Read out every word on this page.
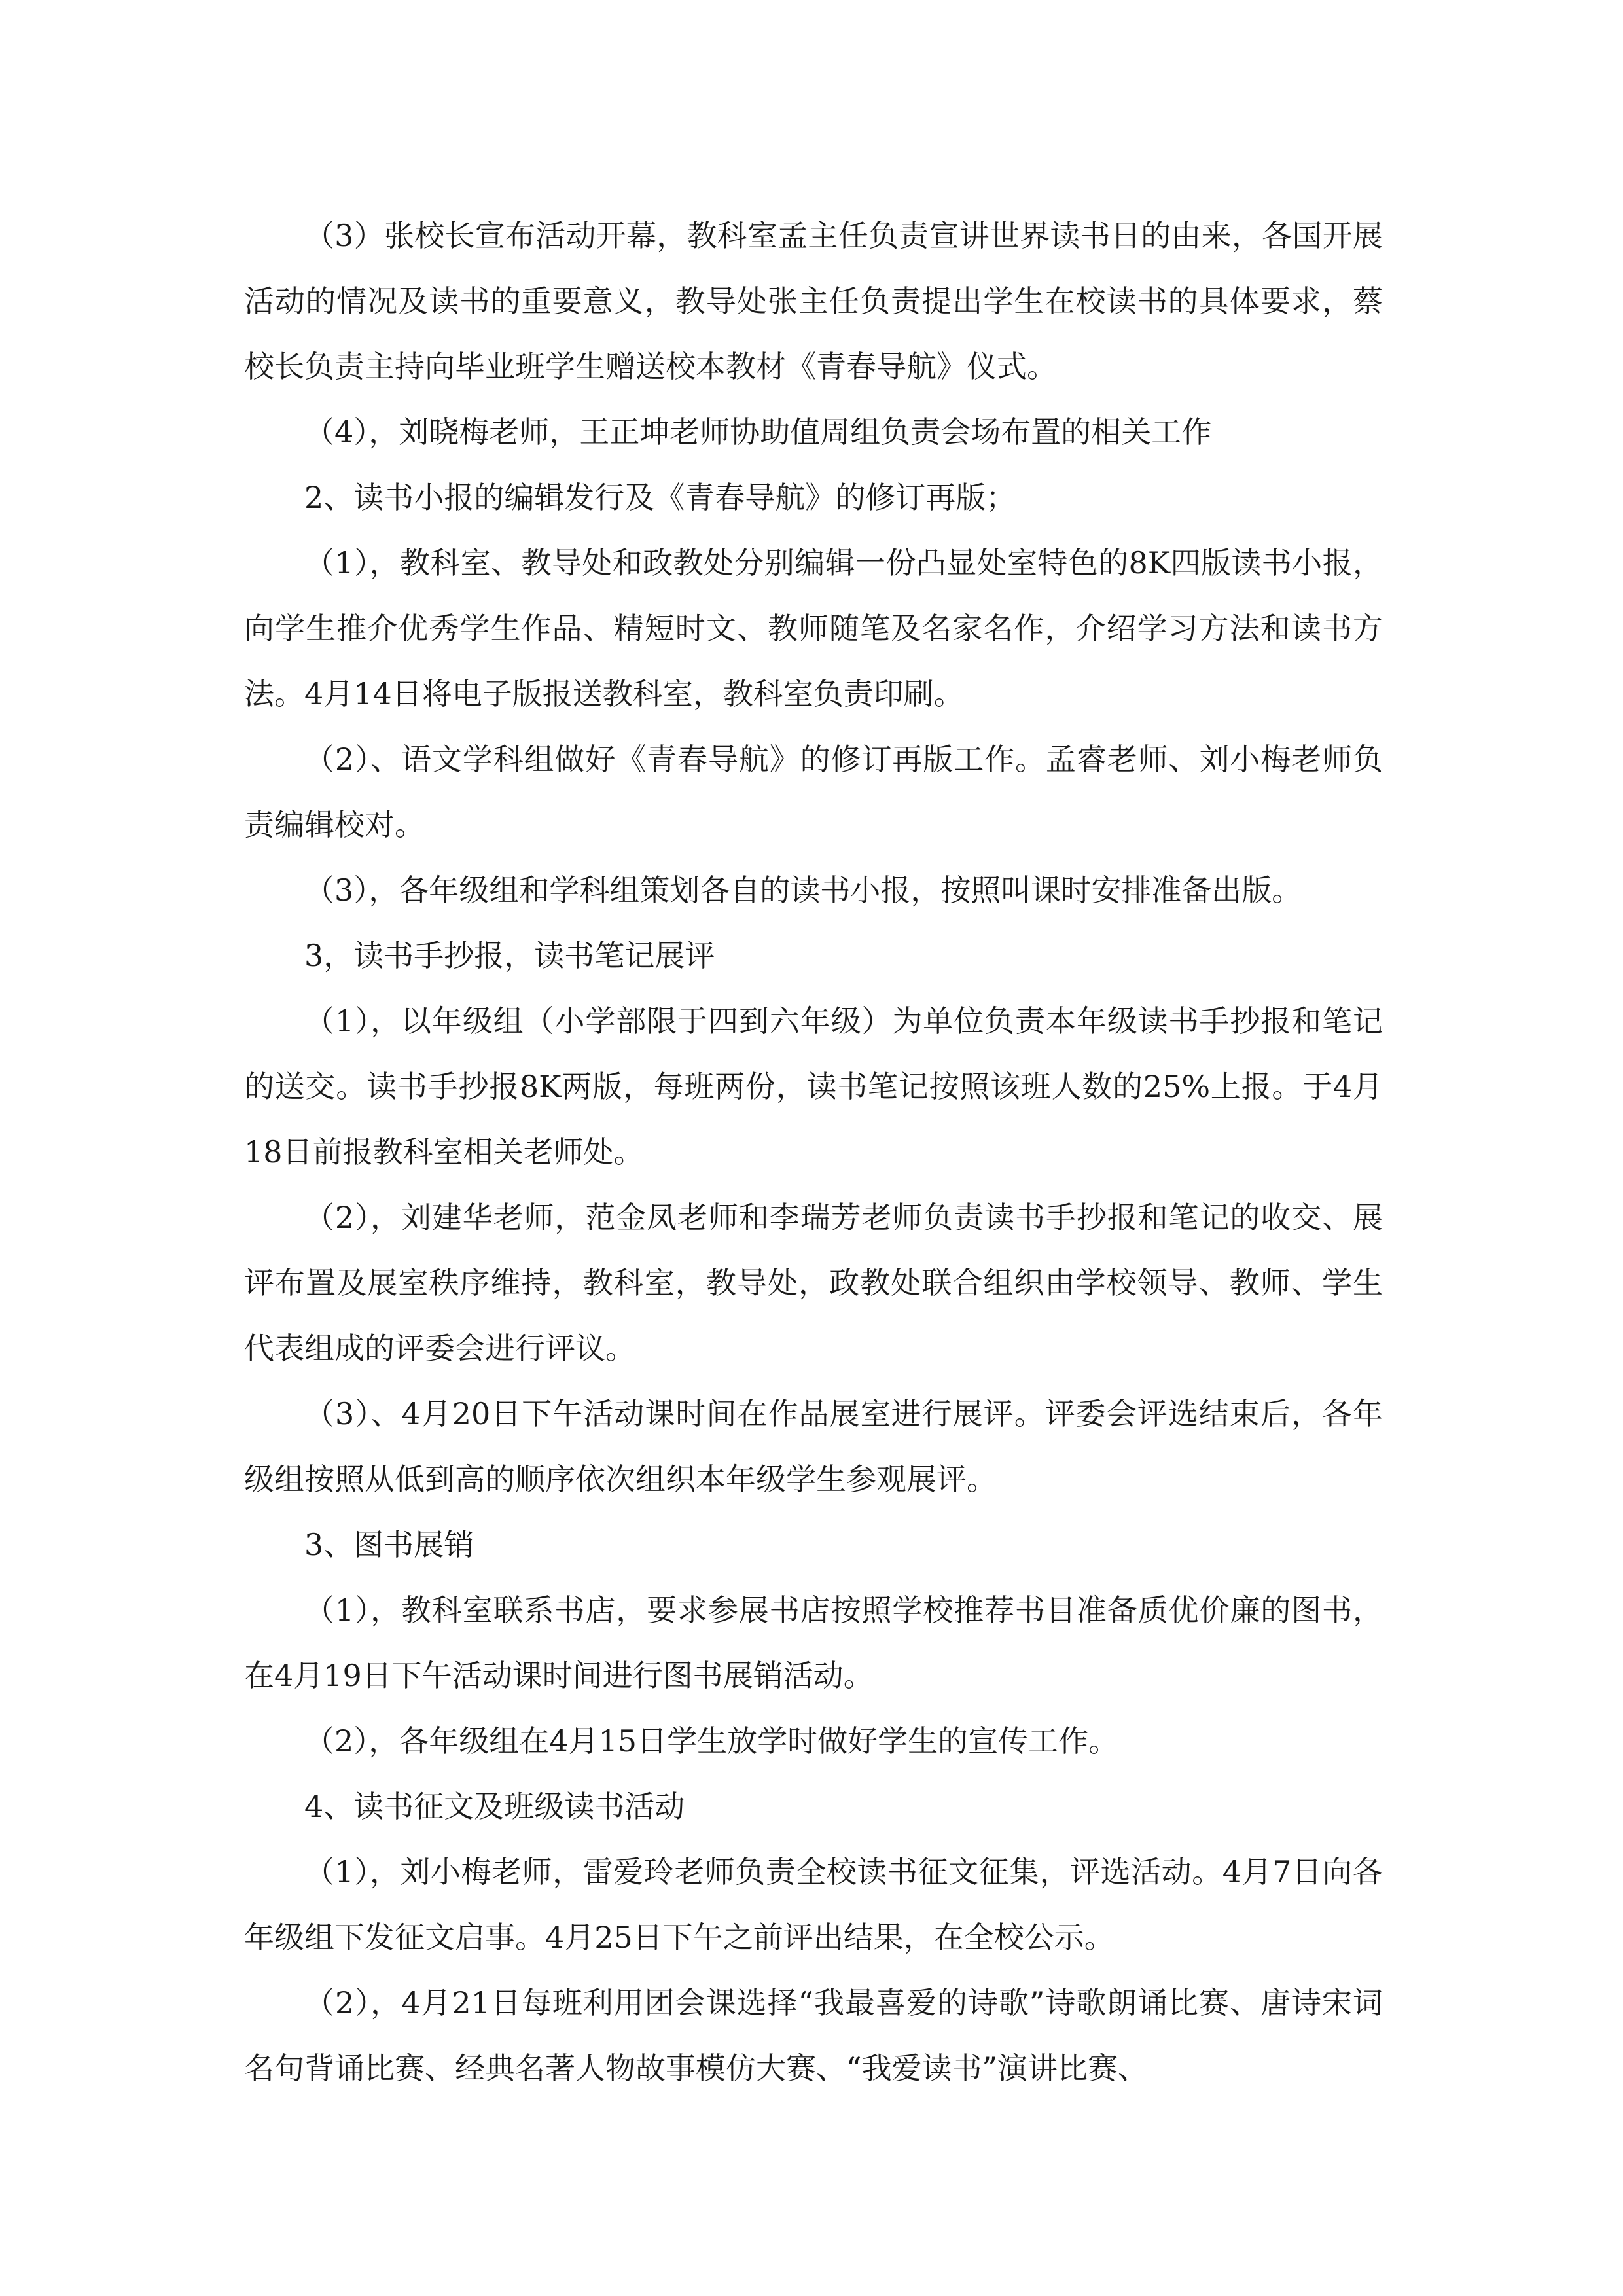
（3）张校长宣布活动开幕，教科室孟主任负责宣讲世界读书日的由来，各国开展活动的情况及读书的重要意义，教导处张主任负责提出学生在校读书的具体要求，蔡校长负责主持向毕业班学生赠送校本教材《青春导航》仪式。

（4），刘晓梅老师，王正坤老师协助值周组负责会场布置的相关工作

2、读书小报的编辑发行及《青春导航》的修订再版；

（1），教科室、教导处和政教处分别编辑一份凸显处室特色的8K四版读书小报，向学生推介优秀学生作品、精短时文、教师随笔及名家名作，介绍学习方法和读书方法。4月14日将电子版报送教科室，教科室负责印刷。

（2）、语文学科组做好《青春导航》的修订再版工作。孟睿老师、刘小梅老师负责编辑校对。

（3），各年级组和学科组策划各自的读书小报，按照叫课时安排准备出版。

3，读书手抄报，读书笔记展评

（1），以年级组（小学部限于四到六年级）为单位负责本年级读书手抄报和笔记的送交。读书手抄报8K两版，每班两份，读书笔记按照该班人数的25%上报。于4月18日前报教科室相关老师处。

（2），刘建华老师，范金凤老师和李瑞芳老师负责读书手抄报和笔记的收交、展评布置及展室秩序维持，教科室，教导处，政教处联合组织由学校领导、教师、学生代表组成的评委会进行评议。

（3）、4月20日下午活动课时间在作品展室进行展评。评委会评选结束后，各年级组按照从低到高的顺序依次组织本年级学生参观展评。

3、图书展销

（1），教科室联系书店，要求参展书店按照学校推荐书目准备质优价廉的图书，在4月19日下午活动课时间进行图书展销活动。

（2），各年级组在4月15日学生放学时做好学生的宣传工作。

4、读书征文及班级读书活动

（1），刘小梅老师，雷爱玲老师负责全校读书征文征集，评选活动。4月7日向各年级组下发征文启事。4月25日下午之前评出结果，在全校公示。

（2），4月21日每班利用团会课选择“我最喜爱的诗歌”诗歌朗诵比赛、唐诗宋词名句背诵比赛、经典名著人物故事模仿大赛、“我爱读书”演讲比赛、
